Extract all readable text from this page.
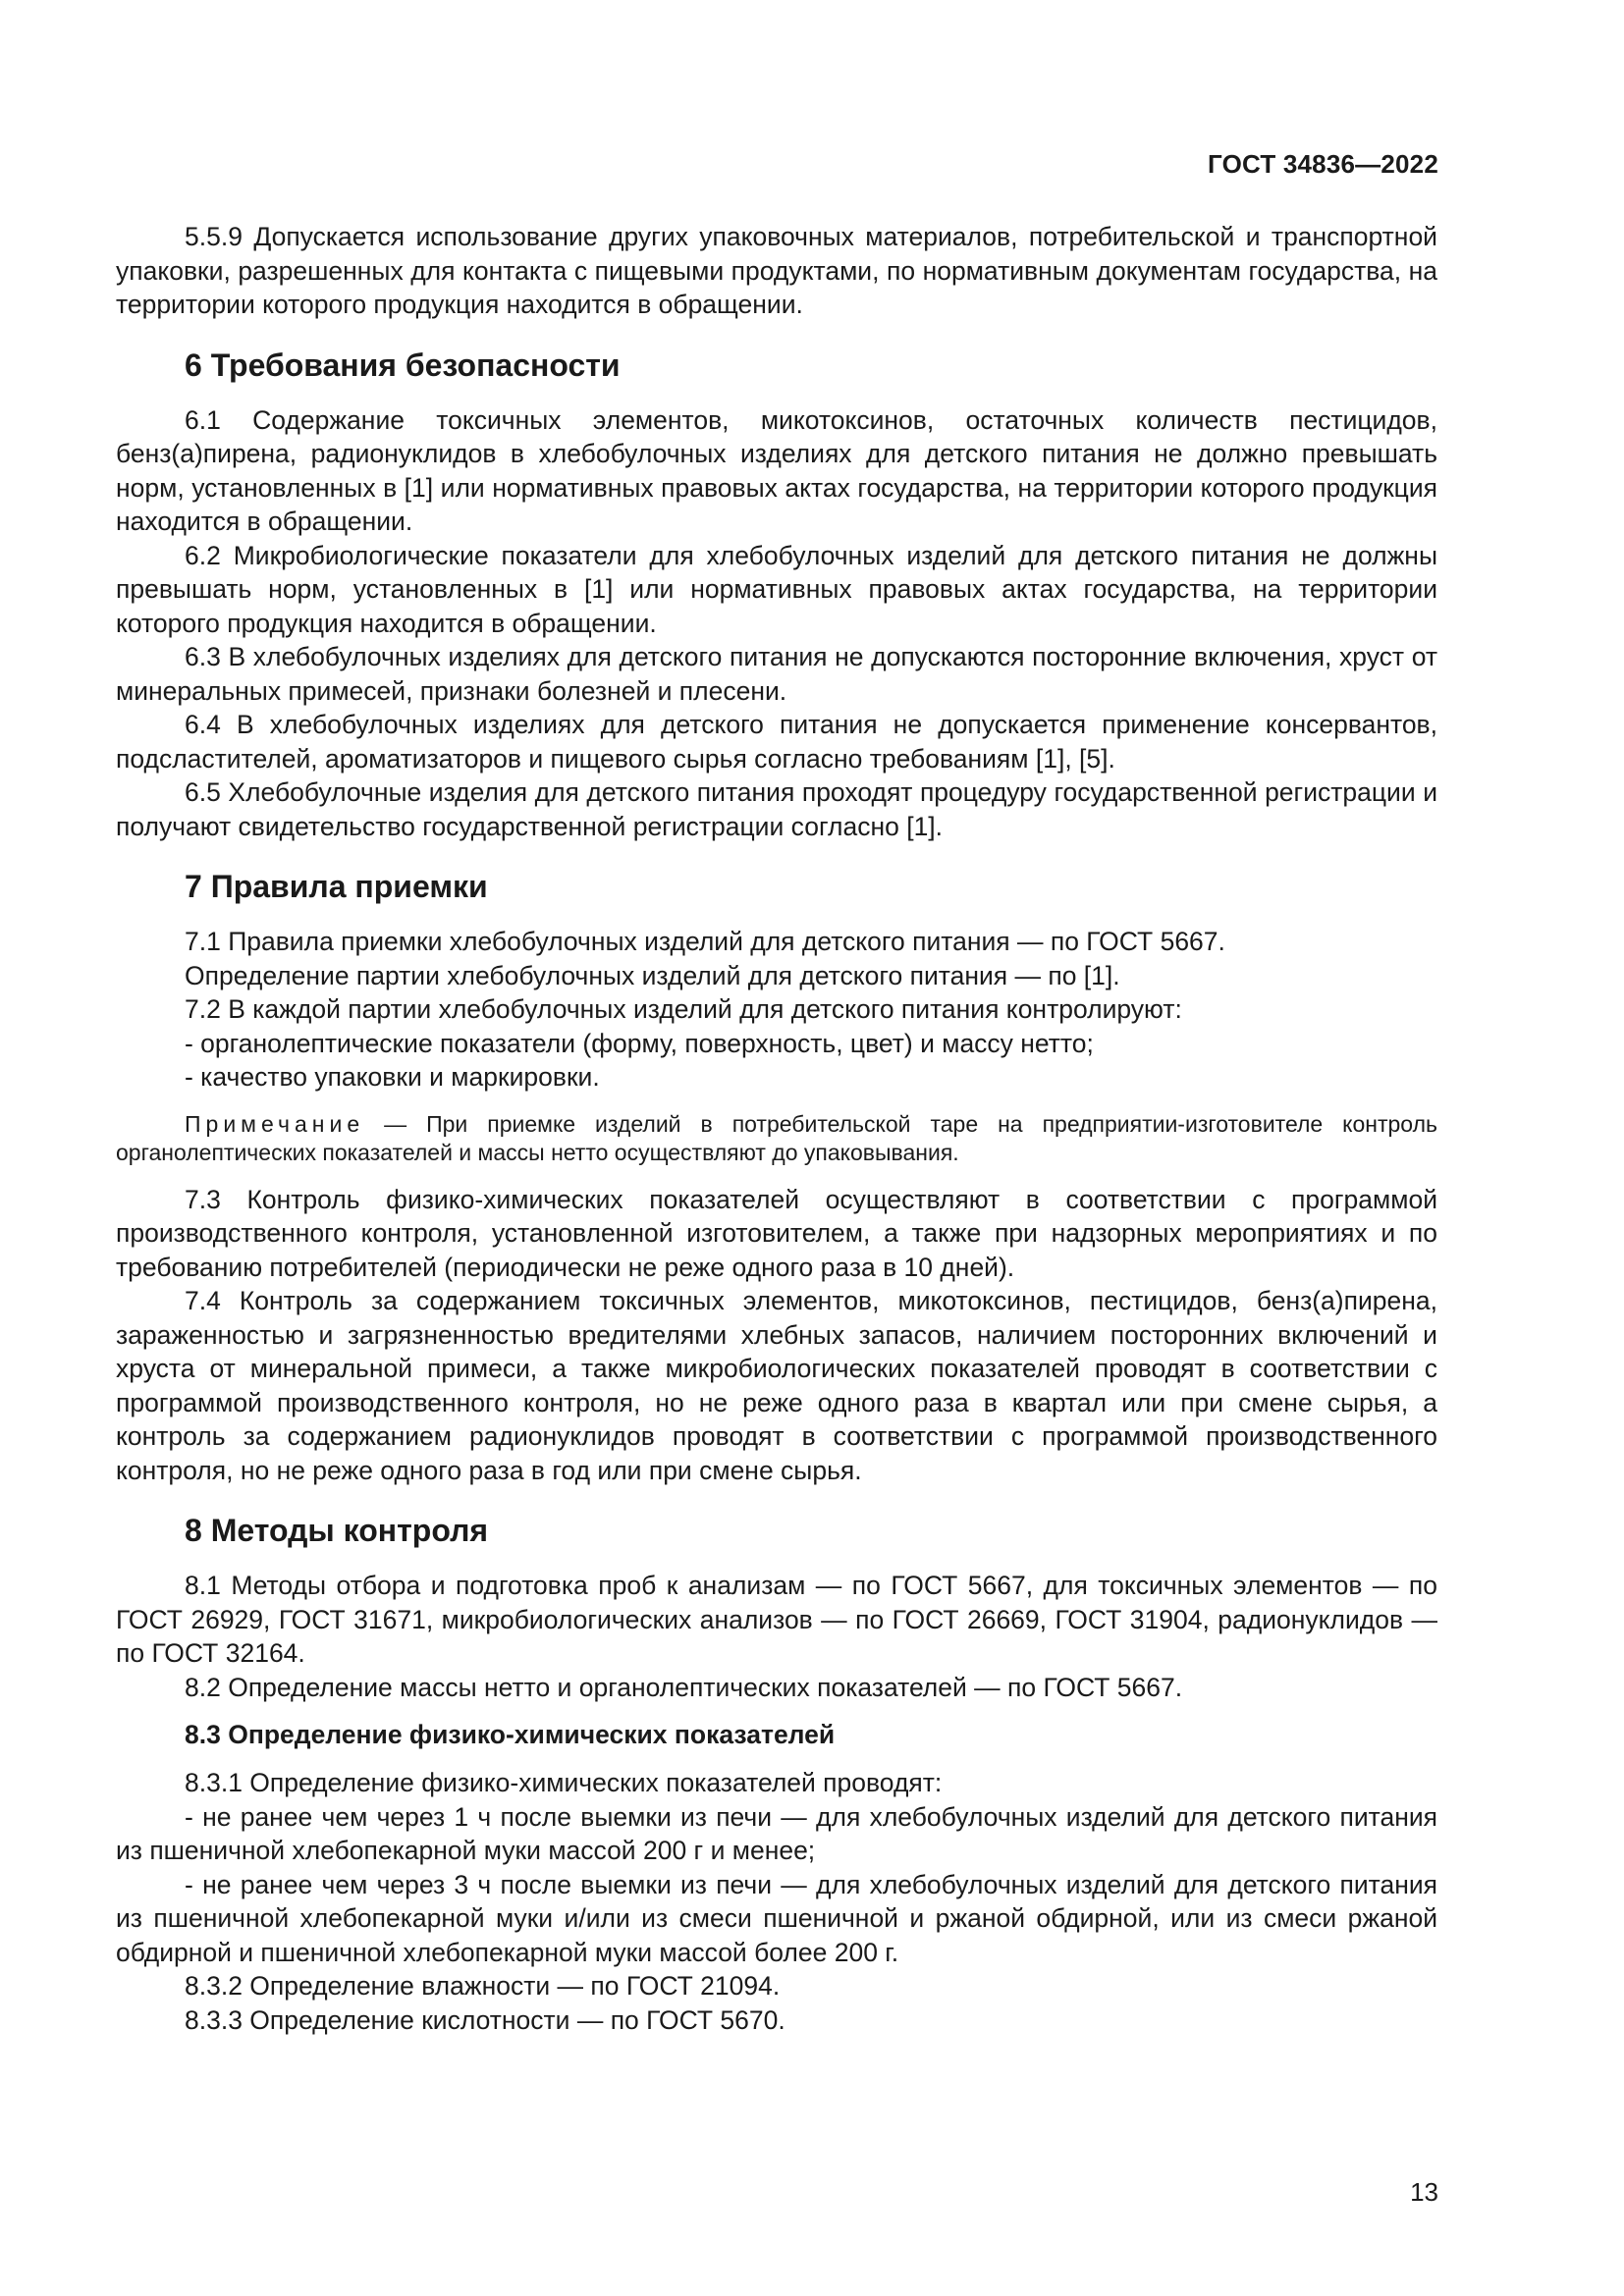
ГОСТ 34836—2022

5.5.9 Допускается использование других упаковочных материалов, потребительской и транспортной упаковки, разрешенных для контакта с пищевыми продуктами, по нормативным документам государства, на территории которого продукция находится в обращении.

6 Требования безопасности

6.1 Содержание токсичных элементов, микотоксинов, остаточных количеств пестицидов, бенз(а)пирена, радионуклидов в хлебобулочных изделиях для детского питания не должно превышать норм, установленных в [1] или нормативных правовых актах государства, на территории которого продукция находится в обращении.

6.2 Микробиологические показатели для хлебобулочных изделий для детского питания не должны превышать норм, установленных в [1] или нормативных правовых актах государства, на территории которого продукция находится в обращении.

6.3 В хлебобулочных изделиях для детского питания не допускаются посторонние включения, хруст от минеральных примесей, признаки болезней и плесени.

6.4 В хлебобулочных изделиях для детского питания не допускается применение консервантов, подсластителей, ароматизаторов и пищевого сырья согласно требованиям [1], [5].

6.5 Хлебобулочные изделия для детского питания проходят процедуру государственной регистрации и получают свидетельство государственной регистрации согласно [1].

7 Правила приемки

7.1 Правила приемки хлебобулочных изделий для детского питания — по ГОСТ 5667.

Определение партии хлебобулочных изделий для детского питания — по [1].

7.2 В каждой партии хлебобулочных изделий для детского питания контролируют:

- органолептические показатели (форму, поверхность, цвет) и массу нетто;

- качество упаковки и маркировки.

Примечание — При приемке изделий в потребительской таре на предприятии-изготовителе контроль органолептических показателей и массы нетто осуществляют до упаковывания.

7.3 Контроль физико-химических показателей осуществляют в соответствии с программой производственного контроля, установленной изготовителем, а также при надзорных мероприятиях и по требованию потребителей (периодически не реже одного раза в 10 дней).

7.4 Контроль за содержанием токсичных элементов, микотоксинов, пестицидов, бенз(а)пирена, зараженностью и загрязненностью вредителями хлебных запасов, наличием посторонних включений и хруста от минеральной примеси, а также микробиологических показателей проводят в соответствии с программой производственного контроля, но не реже одного раза в квартал или при смене сырья, а контроль за содержанием радионуклидов проводят в соответствии с программой производственного контроля, но не реже одного раза в год или при смене сырья.

8 Методы контроля

8.1 Методы отбора и подготовка проб к анализам — по ГОСТ 5667, для токсичных элементов — по ГОСТ 26929, ГОСТ 31671, микробиологических анализов — по ГОСТ 26669, ГОСТ 31904, радионуклидов — по ГОСТ 32164.

8.2 Определение массы нетто и органолептических показателей — по ГОСТ 5667.

8.3 Определение физико-химических показателей

8.3.1 Определение физико-химических показателей проводят:

- не ранее чем через 1 ч после выемки из печи — для хлебобулочных изделий для детского питания из пшеничной хлебопекарной муки массой 200 г и менее;

- не ранее чем через 3 ч после выемки из печи — для хлебобулочных изделий для детского питания из пшеничной хлебопекарной муки и/или из смеси пшеничной и ржаной обдирной, или из смеси ржаной обдирной и пшеничной хлебопекарной муки массой более 200 г.

8.3.2 Определение влажности — по ГОСТ 21094.

8.3.3 Определение кислотности — по ГОСТ 5670.

13
